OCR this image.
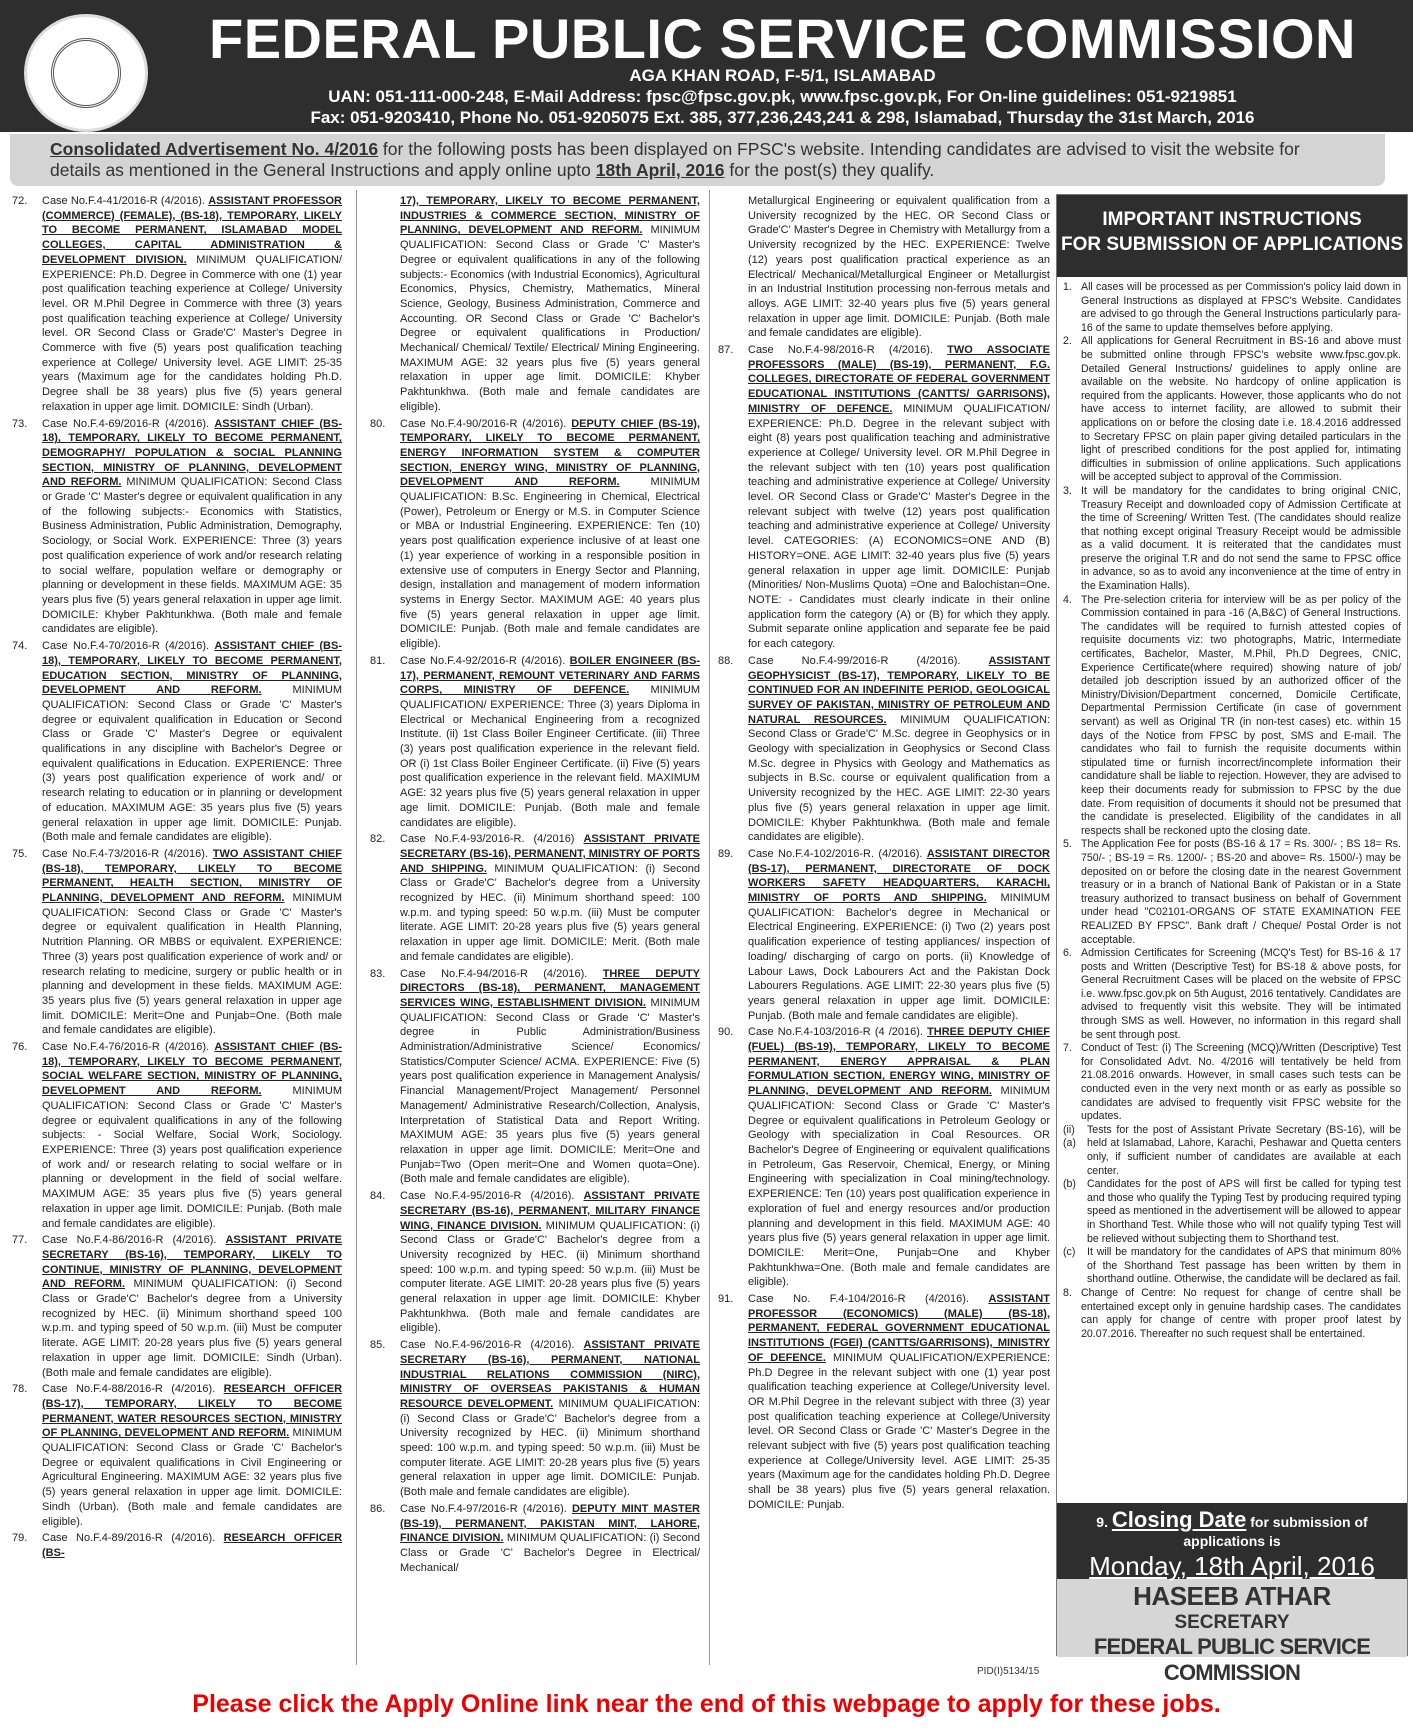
FEDERAL PUBLIC SERVICE COMMISSION
AGA KHAN ROAD, F-5/1, ISLAMABAD
UAN: 051-111-000-248, E-Mail Address: fpsc@fpsc.gov.pk, www.fpsc.gov.pk, For On-line guidelines: 051-9219851
Fax: 051-9203410, Phone No. 051-9205075 Ext. 385, 377,236,243,241 & 298, Islamabad, Thursday the 31st March, 2016
Consolidated Advertisement No. 4/2016 for the following posts has been displayed on FPSC's website. Intending candidates are advised to visit the website for details as mentioned in the General Instructions and apply online upto 18th April, 2016 for the post(s) they qualify.
72.	Case No.F.4-41/2016-R (4/2016). ASSISTANT PROFESSOR (COMMERCE) (FEMALE), (BS-18), TEMPORARY, LIKELY TO BECOME PERMANENT, ISLAMABAD MODEL COLLEGES, CAPITAL ADMINISTRATION & DEVELOPMENT DIVISION. MINIMUM QUALIFICATION/ EXPERIENCE: Ph.D. Degree in Commerce with one (1) year post qualification teaching experience at College/ University level. OR M.Phil Degree in Commerce with three (3) years post qualification teaching experience at College/ University level. OR Second Class or Grade'C' Master's Degree in Commerce with five (5) years post qualification teaching experience at College/ University level. AGE LIMIT: 25-35 years (Maximum age for the candidates holding Ph.D. Degree shall be 38 years) plus five (5) years general relaxation in upper age limit. DOMICILE: Sindh (Urban).
73.	Case No.F.4-69/2016-R (4/2016). ASSISTANT CHIEF (BS-18), TEMPORARY, LIKELY TO BECOME PERMANENT, DEMOGRAPHY/ POPULATION & SOCIAL PLANNING SECTION, MINISTRY OF PLANNING, DEVELOPMENT AND REFORM. MINIMUM QUALIFICATION: Second Class or Grade 'C' Master's degree or equivalent qualification in any of the following subjects:- Economics with Statistics, Business Administration, Public Administration, Demography, Sociology, or Social Work. EXPERIENCE: Three (3) years post qualification experience of work and/or research relating to social welfare, population welfare or demography or planning or development in these fields. MAXIMUM AGE: 35 years plus five (5) years general relaxation in upper age limit. DOMICILE: Khyber Pakhtunkhwa. (Both male and female candidates are eligible).
74.	Case No.F.4-70/2016-R (4/2016). ASSISTANT CHIEF (BS-18), TEMPORARY, LIKELY TO BECOME PERMANENT, EDUCATION SECTION, MINISTRY OF PLANNING, DEVELOPMENT AND REFORM.	MINIMUM QUALIFICATION: Second Class or Grade 'C' Master's degree or equivalent qualification in Education or Second Class or Grade 'C' Master's Degree or equivalent qualifications in any discipline with Bachelor's Degree or equivalent qualifications in Education. EXPERIENCE: Three (3) years post qualification experience of work and/ or research relating to education or in planning or development of education. MAXIMUM AGE: 35 years plus five (5) years general relaxation in upper age limit. DOMICILE: Punjab. (Both male and female candidates are eligible).
75.	Case No.F.4-73/2016-R (4/2016). TWO ASSISTANT CHIEF (BS-18), TEMPORARY, LIKELY TO BECOME PERMANENT, HEALTH SECTION, MINISTRY OF PLANNING, DEVELOPMENT AND REFORM. MINIMUM QUALIFICATION: Second Class or Grade 'C' Master's degree or equivalent qualification in Health Planning, Nutrition Planning. OR MBBS or equivalent. EXPERIENCE: Three (3) years post qualification experience of work and/ or research relating to medicine, surgery or public health or in planning and development in these fields. MAXIMUM AGE: 35 years plus five (5) years general relaxation in upper age limit. DOMICILE: Merit=One and Punjab=One. (Both male and female candidates are eligible).
76.	Case No.F.4-76/2016-R (4/2016). ASSISTANT CHIEF (BS-18), TEMPORARY, LIKELY TO BECOME PERMANENT, SOCIAL WELFARE SECTION, MINISTRY OF PLANNING, DEVELOPMENT AND REFORM.	MINIMUM QUALIFICATION: Second Class or Grade 'C' Master's degree or equivalent qualifications in any of the following subjects: - Social Welfare, Social Work, Sociology. EXPERIENCE: Three (3) years post qualification experience of work and/ or research relating to social welfare or in planning or development in the field of social welfare. MAXIMUM AGE: 35 years plus five (5) years general relaxation in upper age limit. DOMICILE: Punjab. (Both male and female candidates are eligible).
77.	Case No.F.4-86/2016-R (4/2016). ASSISTANT PRIVATE SECRETARY (BS-16), TEMPORARY, LIKELY TO CONTINUE, MINISTRY OF PLANNING, DEVELOPMENT AND REFORM. MINIMUM QUALIFICATION: (i) Second Class or Grade'C' Bachelor's degree from a University recognized by HEC. (ii) Minimum shorthand speed 100 w.p.m. and typing speed of 50 w.p.m. (iii) Must be computer literate. AGE LIMIT: 20-28 years plus five (5) years general relaxation in upper age limit. DOMICILE: Sindh (Urban). (Both male and female candidates are eligible).
78.	Case No.F.4-88/2016-R (4/2016). RESEARCH OFFICER (BS-17), TEMPORARY, LIKELY TO BECOME PERMANENT, WATER RESOURCES SECTION, MINISTRY OF PLANNING, DEVELOPMENT AND REFORM. MINIMUM QUALIFICATION: Second Class or Grade 'C' Bachelor's Degree or equivalent qualifications in Civil Engineering or Agricultural Engineering. MAXIMUM AGE: 32 years plus five (5) years general relaxation in upper age limit. DOMICILE: Sindh (Urban). (Both male and female candidates are eligible).
79.	Case No.F.4-89/2016-R (4/2016). RESEARCH OFFICER (BS-
17), TEMPORARY, LIKELY TO BECOME PERMANENT, INDUSTRIES & COMMERCE SECTION, MINISTRY OF PLANNING, DEVELOPMENT AND REFORM. MINIMUM QUALIFICATION: Second Class or Grade 'C' Master's Degree or equivalent qualifications in any of the following subjects:- Economics (with Industrial Economics), Agricultural Economics, Physics, Chemistry, Mathematics, Mineral Science, Geology, Business Administration, Commerce and Accounting. OR Second Class or Grade 'C' Bachelor's Degree or equivalent qualifications in Production/ Mechanical/ Chemical/ Textile/ Electrical/ Mining Engineering. MAXIMUM AGE: 32 years plus five (5) years general relaxation in upper age limit. DOMICILE: Khyber Pakhtunkhwa. (Both male and female candidates are eligible).
80.	Case No.F.4-90/2016-R (4/2016). DEPUTY CHIEF (BS-19), TEMPORARY, LIKELY TO BECOME PERMANENT, ENERGY INFORMATION SYSTEM & COMPUTER SECTION, ENERGY WING, MINISTRY OF PLANNING, DEVELOPMENT AND REFORM.	MINIMUM QUALIFICATION: B.Sc. Engineering in Chemical, Electrical (Power), Petroleum or Energy or M.S. in Computer Science or MBA or Industrial Engineering. EXPERIENCE: Ten (10) years post qualification experience inclusive of at least one (1) year experience of working in a responsible position in extensive use of computers in Energy Sector and Planning, design, installation and management of modern information systems in Energy Sector. MAXIMUM AGE: 40 years plus five (5) years general relaxation in upper age limit. DOMICILE: Punjab. (Both male and female candidates are eligible).
81.	Case No.F.4-92/2016-R (4/2016). BOILER ENGINEER (BS-17), PERMANENT, REMOUNT VETERINARY AND FARMS CORPS, MINISTRY OF DEFENCE. MINIMUM QUALIFICATION/ EXPERIENCE: Three (3) years Diploma in Electrical or Mechanical Engineering from a recognized Institute. (ii) 1st Class Boiler Engineer Certificate. (iii) Three (3) years post qualification experience in the relevant field. OR (i) 1st Class Boiler Engineer Certificate. (ii) Five (5) years post qualification experience in the relevant field. MAXIMUM AGE: 32 years plus five (5) years general relaxation in upper age limit. DOMICILE: Punjab. (Both male and female candidates are eligible).
82.	Case No.F.4-93/2016-R. (4/2016) ASSISTANT PRIVATE SECRETARY (BS-16), PERMANENT, MINISTRY OF PORTS AND SHIPPING. MINIMUM QUALIFICATION: (i) Second Class or Grade'C' Bachelor's degree from a University recognized by HEC. (ii) Minimum shorthand speed: 100 w.p.m. and typing speed: 50 w.p.m. (iii) Must be computer literate. AGE LIMIT: 20-28 years plus five (5) years general relaxation in upper age limit. DOMICILE: Merit. (Both male and female candidates are eligible).
83.	Case No.F.4-94/2016-R (4/2016). THREE DEPUTY DIRECTORS (BS-18), PERMANENT, MANAGEMENT SERVICES WING, ESTABLISHMENT DIVISION. MINIMUM QUALIFICATION: Second Class or Grade 'C' Master's degree in Public Administration/Business Administration/Administrative Science/ Economics/ Statistics/Computer Science/ ACMA. EXPERIENCE: Five (5) years post qualification experience in Management Analysis/ Financial Management/Project Management/ Personnel Management/ Administrative Research/Collection, Analysis, Interpretation of Statistical Data and Report Writing. MAXIMUM AGE: 35 years plus five (5) years general relaxation in upper age limit. DOMICILE: Merit=One and Punjab=Two (Open merit=One and Women quota=One). (Both male and female candidates are eligible).
84.	Case No.F.4-95/2016-R (4/2016). ASSISTANT PRIVATE SECRETARY (BS-16), PERMANENT, MILITARY FINANCE WING, FINANCE DIVISION. MINIMUM QUALIFICATION: (i) Second Class or Grade'C' Bachelor's degree from a University recognized by HEC. (ii) Minimum shorthand speed: 100 w.p.m. and typing speed: 50 w.p.m. (iii) Must be computer literate. AGE LIMIT: 20-28 years plus five (5) years general relaxation in upper age limit. DOMICILE: Khyber Pakhtunkhwa. (Both male and female candidates are eligible).
85.	Case No.F.4-96/2016-R (4/2016). ASSISTANT PRIVATE SECRETARY (BS-16), PERMANENT, NATIONAL INDUSTRIAL RELATIONS COMMISSION (NIRC), MINISTRY OF OVERSEAS PAKISTANIS & HUMAN RESOURCE DEVELOPMENT. MINIMUM QUALIFICATION: (i) Second Class or Grade'C' Bachelor's degree from a University recognized by HEC. (ii) Minimum shorthand speed: 100 w.p.m. and typing speed: 50 w.p.m. (iii) Must be computer literate. AGE LIMIT: 20-28 years plus five (5) years general relaxation in upper age limit. DOMICILE: Punjab. (Both male and female candidates are eligible).
86.	Case No.F.4-97/2016-R (4/2016). DEPUTY MINT MASTER (BS-19), PERMANENT, PAKISTAN MINT, LAHORE, FINANCE DIVISION. MINIMUM QUALIFICATION: (i) Second Class or Grade 'C' Bachelor's Degree in Electrical/ Mechanical/
Metallurgical Engineering or equivalent qualification from a University recognized by the HEC. OR Second Class or Grade'C' Master's Degree in Chemistry with Metallurgy from a University recognized by the HEC. EXPERIENCE: Twelve (12) years post qualification practical experience as an Electrical/ Mechanical/Metallurgical Engineer or Metallurgist in an Industrial Institution processing non-ferrous metals and alloys. AGE LIMIT: 32-40 years plus five (5) years general relaxation in upper age limit. DOMICILE: Punjab. (Both male and female candidates are eligible).
87.	Case No.F.4-98/2016-R (4/2016). TWO ASSOCIATE PROFESSORS (MALE) (BS-19), PERMANENT, F.G. COLLEGES, DIRECTORATE OF FEDERAL GOVERNMENT EDUCATIONAL INSTITUTIONS (CANTTS/ GARRISONS), MINISTRY OF DEFENCE. MINIMUM QUALIFICATION/ EXPERIENCE: Ph.D. Degree in the relevant subject with eight (8) years post qualification teaching and administrative experience at College/ University level. OR M.Phil Degree in the relevant subject with ten (10) years post qualification teaching and administrative experience at College/ University level. OR Second Class or Grade'C' Master's Degree in the relevant subject with twelve (12) years post qualification teaching and administrative experience at College/ University level. CATEGORIES: (A) ECONOMICS=ONE AND (B) HISTORY=ONE. AGE LIMIT: 32-40 years plus five (5) years general relaxation in upper age limit. DOMICILE: Punjab (Minorities/ Non-Muslims Quota) =One and Balochistan=One. NOTE: - Candidates must clearly indicate in their online application form the category (A) or (B) for which they apply. Submit separate online application and separate fee be paid for each category.
88.	Case No.F.4-99/2016-R (4/2016).	ASSISTANT GEOPHYSICIST (BS-17), TEMPORARY, LIKELY TO BE CONTINUED FOR AN INDEFINITE PERIOD, GEOLOGICAL SURVEY OF PAKISTAN, MINISTRY OF PETROLEUM AND NATURAL RESOURCES. MINIMUM QUALIFICATION: Second Class or Grade'C' M.Sc. degree in Geophysics or in Geology with specialization in Geophysics or Second Class M.Sc. degree in Physics with Geology and Mathematics as subjects in B.Sc. course or equivalent qualification from a University recognized by the HEC. AGE LIMIT: 22-30 years plus five (5) years general relaxation in upper age limit. DOMICILE: Khyber Pakhtunkhwa. (Both male and female candidates are eligible).
89.	Case No.F.4-102/2016-R. (4/2016). ASSISTANT DIRECTOR (BS-17), PERMANENT, DIRECTORATE OF DOCK WORKERS SAFETY HEADQUARTERS, KARACHI, MINISTRY OF PORTS AND SHIPPING. MINIMUM QUALIFICATION: Bachelor's degree in Mechanical or Electrical Engineering. EXPERIENCE: (i) Two (2) years post qualification experience of testing appliances/ inspection of loading/ discharging of cargo on ports. (ii) Knowledge of Labour Laws, Dock Labourers Act and the Pakistan Dock Labourers Regulations. AGE LIMIT: 22-30 years plus five (5) years general relaxation in upper age limit. DOMICILE: Punjab. (Both male and female candidates are eligible).
90.	Case No.F.4-103/2016-R (4 /2016). THREE DEPUTY CHIEF (FUEL) (BS-19), TEMPORARY, LIKELY TO BECOME PERMANENT, ENERGY APPRAISAL & PLAN FORMULATION SECTION, ENERGY WING, MINISTRY OF PLANNING, DEVELOPMENT AND REFORM. MINIMUM QUALIFICATION: Second Class or Grade 'C' Master's Degree or equivalent qualifications in Petroleum Geology or Geology with specialization in Coal Resources. OR Bachelor's Degree of Engineering or equivalent qualifications in Petroleum, Gas Reservoir, Chemical, Energy, or Mining Engineering with specialization in Coal mining/technology. EXPERIENCE: Ten (10) years post qualification experience in exploration of fuel and energy resources and/or production planning and development in this field. MAXIMUM AGE: 40 years plus five (5) years general relaxation in upper age limit. DOMICILE: Merit=One, Punjab=One and Khyber Pakhtunkhwa=One. (Both male and female candidates are eligible).
91.	Case No. F.4-104/2016-R (4/2016). ASSISTANT PROFESSOR (ECONOMICS) (MALE) (BS-18), PERMANENT, FEDERAL GOVERNMENT EDUCATIONAL INSTITUTIONS (FGEI) (CANTTS/GARRISONS), MINISTRY OF DEFENCE. MINIMUM QUALIFICATION/EXPERIENCE: Ph.D Degree in the relevant subject with one (1) year post qualification teaching experience at College/University level. OR M.Phil Degree in the relevant subject with three (3) year post qualification teaching experience at College/University level. OR Second Class or Grade 'C' Master's Degree in the relevant subject with five (5) years post qualification teaching experience at College/University level. AGE LIMIT: 25-35 years (Maximum age for the candidates holding Ph.D. Degree shall be 38 years) plus five (5) years general relaxation. DOMICILE: Punjab.
IMPORTANT INSTRUCTIONS
FOR SUBMISSION OF APPLICATIONS
1. All cases will be processed as per Commission's policy laid down in General Instructions as displayed at FPSC's Website. Candidates are advised to go through the General Instructions particularly para-16 of the same to update themselves before applying.
2. All applications for General Recruitment in BS-16 and above must be submitted online through FPSC's website www.fpsc.gov.pk. Detailed General Instructions/ guidelines to apply online are available on the website. No hardcopy of online application is required from the applicants. However, those applicants who do not have access to internet facility, are allowed to submit their applications on or before the closing date i.e. 18.4.2016 addressed to Secretary FPSC on plain paper giving detailed particulars in the light of prescribed conditions for the post applied for, intimating difficulties in submission of online applications. Such applications will be accepted subject to approval of the Commission.
3. It will be mandatory for the candidates to bring original CNIC, Treasury Receipt and downloaded copy of Admission Certificate at the time of Screening/ Written Test. (The candidates should realize that nothing except original Treasury Receipt would be admissible as a valid document. It is reiterated that the candidates must preserve the original T.R and do not send the same to FPSC office in advance, so as to avoid any inconvenience at the time of entry in the Examination Halls).
4. The Pre-selection criteria for interview will be as per policy of the Commission contained in para -16 (A,B&C) of General Instructions. The candidates will be required to furnish attested copies of requisite documents viz: two photographs, Matric, Intermediate certificates, Bachelor, Master, M.Phil, Ph.D Degrees, CNIC, Experience Certificate(where required) showing nature of job/ detailed job description issued by an authorized officer of the Ministry/Division/Department concerned, Domicile Certificate, Departmental Permission Certificate (in case of government servant) as well as Original TR (in non-test cases) etc. within 15 days of the Notice from FPSC by post, SMS and E-mail. The candidates who fail to furnish the requisite documents within stipulated time or furnish incorrect/incomplete information their candidature shall be liable to rejection. However, they are advised to keep their documents ready for submission to FPSC by the due date. From requisition of documents it should not be presumed that the candidate is preselected. Eligibility of the candidates in all respects shall be reckoned upto the closing date.
5. The Application Fee for posts (BS-16 & 17 = Rs. 300/- ; BS 18= Rs. 750/- ; BS-19 = Rs. 1200/- ; BS-20 and above= Rs. 1500/-) may be deposited on or before the closing date in the nearest Government treasury or in a branch of National Bank of Pakistan or in a State treasury authorized to transact business on behalf of Government under head "C02101-ORGANS OF STATE EXAMINATION FEE REALIZED BY FPSC". Bank draft / Cheque/ Postal Order is not acceptable.
6. Admission Certificates for Screening (MCQ's Test) for BS-16 & 17 posts and Written (Descriptive Test) for BS-18 & above posts, for General Recruitment Cases will be placed on the website of FPSC i.e. www.fpsc.gov.pk on 5th August, 2016 tentatively. Candidates are advised to frequently visit this website. They will be intimated through SMS as well. However, no information in this regard shall be sent through post.
7. Conduct of Test: (i) The Screening (MCQ)/Written (Descriptive) Test for Consolidated Advt. No. 4/2016 will tentatively be held from 21.08.2016 onwards. However, in small cases such tests can be conducted even in the very next month or as early as possible so candidates are advised to frequently visit FPSC website for the updates.
(ii) (a)
Tests for the post of Assistant Private Secretary (BS-16), will be held at Islamabad, Lahore, Karachi, Peshawar and Quetta centers only, if sufficient number of candidates are available at each center.
(b)	Candidates for the post of APS will first be called for typing test and those who qualify the Typing Test by producing required typing speed as mentioned in the advertisement will be allowed to appear in Shorthand Test. While those who will not qualify typing Test will be relieved without subjecting them to Shorthand test.
(c)	It will be mandatory for the candidates of APS that minimum 80% of the Shorthand Test passage has been written by them in shorthand outline. Otherwise, the candidate will be declared as fail.
8. Change of Centre: No request for change of centre shall be entertained except only in genuine hardship cases. The candidates can apply for change of centre with proper proof latest by 20.07.2016. Thereafter no such request shall be entertained.
9. Closing Date for submission of applications is
Monday, 18th April, 2016
HASEEB ATHAR
SECRETARY
FEDERAL PUBLIC SERVICE COMMISSION
PID(I)5134/15
Please click the Apply Online link near the end of this webpage to apply for these jobs.
